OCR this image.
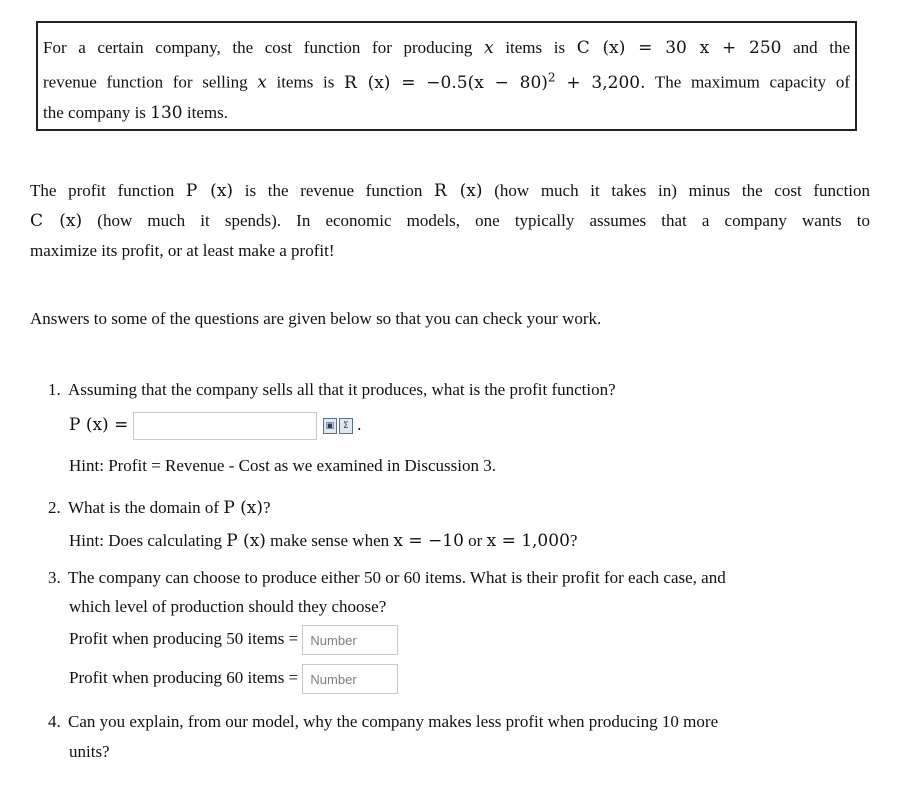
For a certain company, the cost function for producing x items is C (x) = 30 x + 250 and the
revenue function for selling x items is R $(x) = -0.5(x - 80)^2 + 3,200$. The maximum capacity of
the company is 130 items.
The profit function P (x) is the revenue function R (x) (how much it takes in) minus the cost function
C (x) (how much it spends). In economic models, one typically assumes that a company wants to
maximize its profit, or at least make a profit!
Answers to some of the questions are given below so that you can check your work.
1. Assuming that the company sells all that it produces, what is the profit function?
P (x) =	▣ Σ .
Hint: Profit = Revenue - Cost as we examined in Discussion 3.
2. What is the domain of P (x)?
Hint: Does calculating P (x) make sense when x = −10 or x = 1,000?
3. The company can choose to produce either 50 or 60 items. What is their profit for each case, and
which level of production should they choose?
Profit when producing 50 items = Number
Profit when producing 60 items = Number
4. Can you explain, from our model, why the company makes less profit when producing 10 more
units?
